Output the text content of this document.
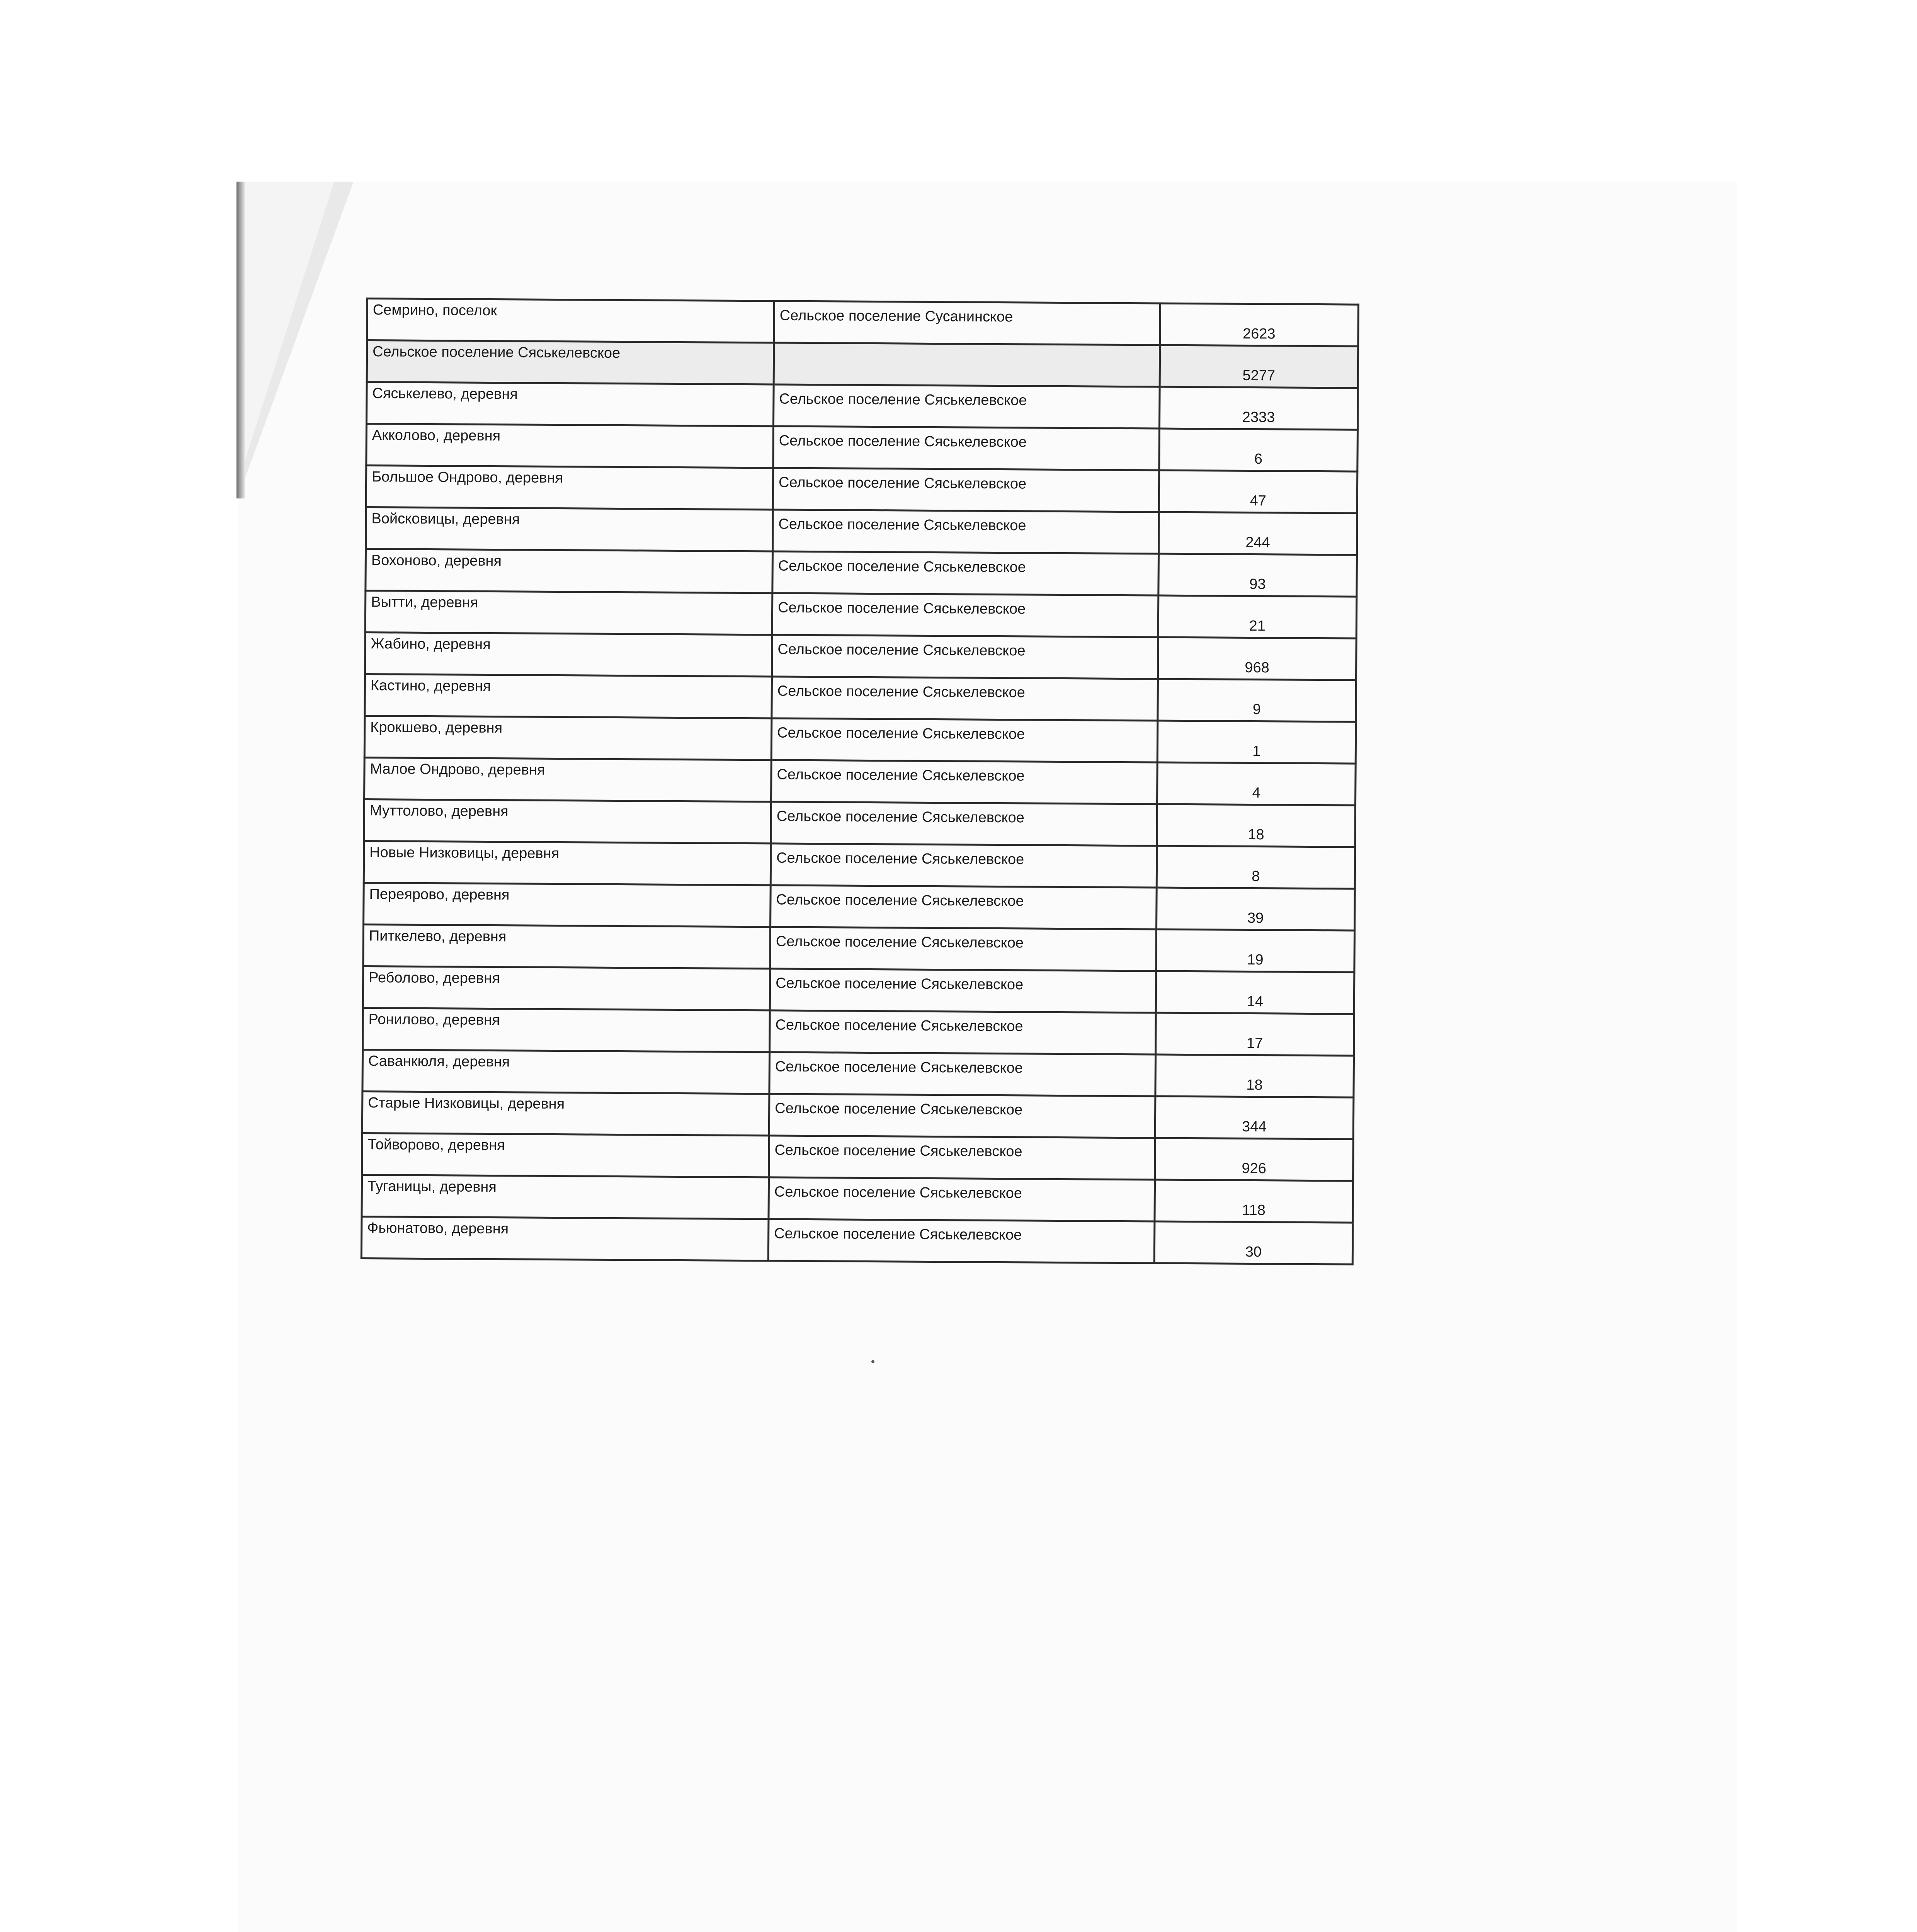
Семрино, поселок	Сельское поселение Сусанинское	2623
Сельское поселение Сяськелевское		5277
Сяськелево, деревня	Сельское поселение Сяськелевское	2333
Акколово, деревня	Сельское поселение Сяськелевское	6
Большое Ондрово, деревня	Сельское поселение Сяськелевское	47
Войсковицы, деревня	Сельское поселение Сяськелевское	244
Вохоново, деревня	Сельское поселение Сяськелевское	93
Вытти, деревня	Сельское поселение Сяськелевское	21
Жабино, деревня	Сельское поселение Сяськелевское	968
Кастино, деревня	Сельское поселение Сяськелевское	9
Крокшево, деревня	Сельское поселение Сяськелевское	1
Малое Ондрово, деревня	Сельское поселение Сяськелевское	4
Муттолово, деревня	Сельское поселение Сяськелевское	18
Новые Низковицы, деревня	Сельское поселение Сяськелевское	8
Переярово, деревня	Сельское поселение Сяськелевское	39
Питкелево, деревня	Сельское поселение Сяськелевское	19
Реболово, деревня	Сельское поселение Сяськелевское	14
Ронилово, деревня	Сельское поселение Сяськелевское	17
Саванкюля, деревня	Сельское поселение Сяськелевское	18
Старые Низковицы, деревня	Сельское поселение Сяськелевское	344
Тойворово, деревня	Сельское поселение Сяськелевское	926
Туганицы, деревня	Сельское поселение Сяськелевское	118
Фьюнатово, деревня	Сельское поселение Сяськелевское	30
